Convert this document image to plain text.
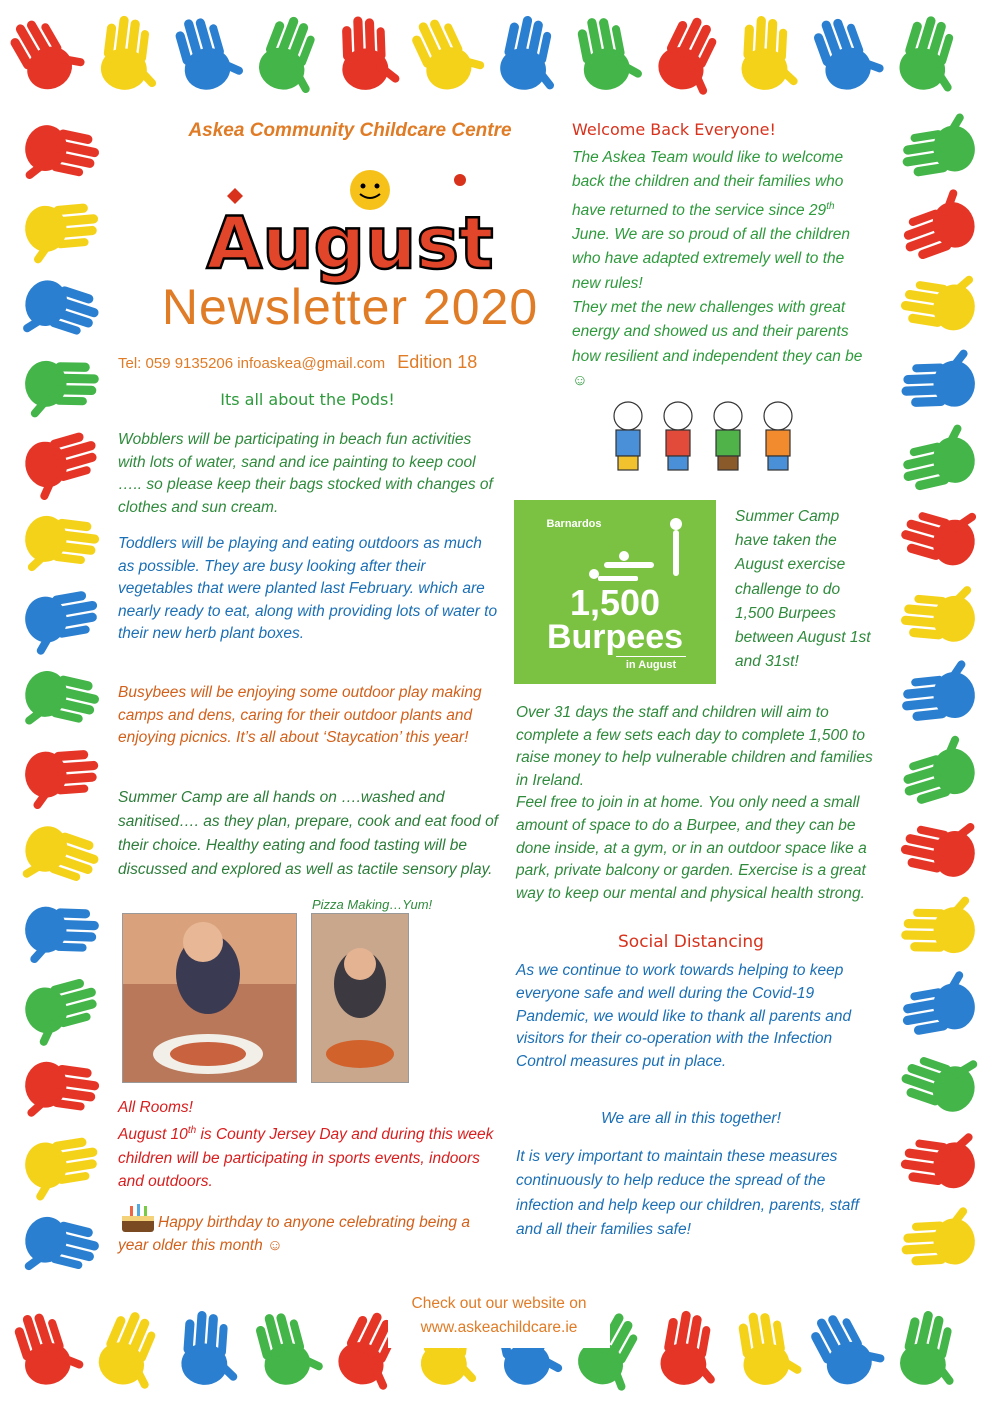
Askea Community Childcare Centre
August
Newsletter 2020
Tel: 059 9135206 infoaskea@gmail.com Edition 18
Its all about the Pods!

Wobblers will be participating in beach fun activities with lots of water, sand and ice painting to keep cool ….. so please keep their bags stocked with changes of clothes and sun cream.

Toddlers will be playing and eating outdoors as much as possible. They are busy looking after their vegetables that were planted last February. which are nearly ready to eat, along with providing lots of water to their new herb plant boxes.

Busybees will be enjoying some outdoor play making camps and dens, caring for their outdoor plants and enjoying picnics. It’s all about ‘Staycation’ this year!

Summer Camp are all hands on ….washed and sanitised…. as they plan, prepare, cook and eat food of their choice. Healthy eating and food tasting will be discussed and explored as well as tactile sensory play.

Pizza Making…Yum!

All Rooms!
August 10th is County Jersey Day and during this week children will be participating in sports events, indoors and outdoors.

Happy birthday to anyone celebrating being a year older this month ☺

Welcome Back Everyone!

The Askea Team would like to welcome back the children and their families who have returned to the service since 29th June. We are so proud of all the children who have adapted extremely well to the new rules!
They met the new challenges with great energy and showed us and their parents how resilient and independent they can be ☺

Barnardos
1,500
Burpees
in August

Summer Camp have taken the August exercise challenge to do 1,500 Burpees between August 1st and 31st!

Over 31 days the staff and children will aim to complete a few sets each day to complete 1,500 to raise money to help vulnerable children and families in Ireland.
Feel free to join in at home. You only need a small amount of space to do a Burpee, and they can be done inside, at a gym, or in an outdoor space like a park, private balcony or garden. Exercise is a great way to keep our mental and physical health strong.

Social Distancing

As we continue to work towards helping to keep everyone safe and well during the Covid-19 Pandemic, we would like to thank all parents and visitors for their co-operation with the Infection Control measures put in place.

We are all in this together!

It is very important to maintain these measures continuously to help reduce the spread of the infection and help keep our children, parents, staff and all their families safe!

Check out our website on
www.askeachildcare.ie
